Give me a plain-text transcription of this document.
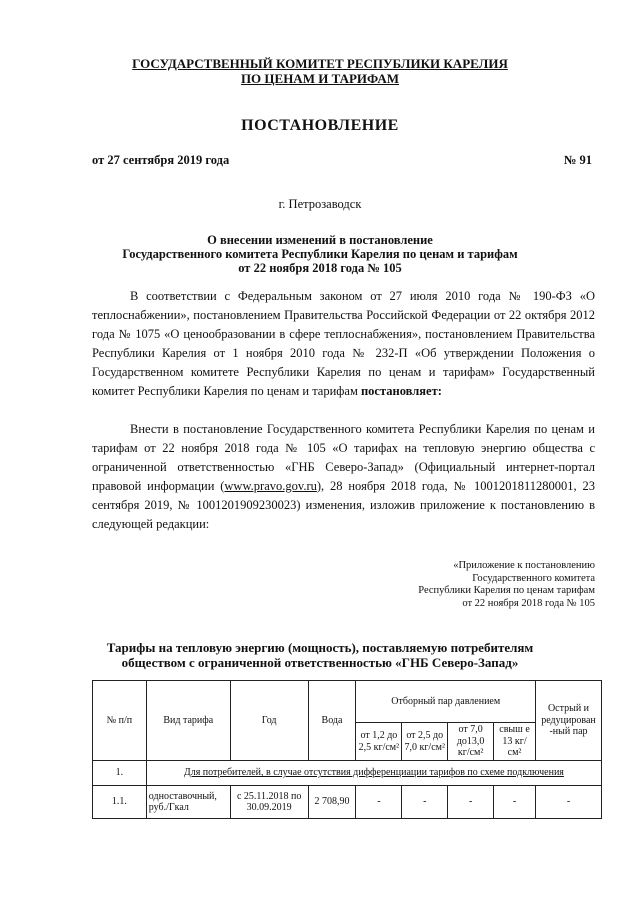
ГОСУДАРСТВЕННЫЙ КОМИТЕТ РЕСПУБЛИКИ КАРЕЛИЯ
ПО ЦЕНАМ И ТАРИФАМ
ПОСТАНОВЛЕНИЕ
от 27 сентября 2019 года	№ 91
г. Петрозаводск
О внесении изменений в постановление
Государственного комитета Республики Карелия по ценам и тарифам
от 22 ноября 2018 года № 105

В соответствии с Федеральным законом от 27 июля 2010 года № 190-ФЗ «О теплоснабжении», постановлением Правительства Российской Федерации от 22 октября 2012 года № 1075 «О ценообразовании в сфере теплоснабжения», постановлением Правительства Республики Карелия от 1 ноября 2010 года № 232-П «Об утверждении Положения о Государственном комитете Республики Карелия по ценам и тарифам» Государственный комитет Республики Карелия по ценам и тарифам постановляет:

Внести в постановление Государственного комитета Республики Карелия по ценам и тарифам от 22 ноября 2018 года № 105 «О тарифах на тепловую энергию общества с ограниченной ответственностью «ГНБ Северо-Запад» (Официальный интернет-портал правовой информации (www.pravo.gov.ru), 28 ноября 2018 года, № 1001201811280001, 23 сентября 2019, № 1001201909230023) изменения, изложив приложение к постановлению в следующей редакции:

«Приложение к постановлению
Государственного комитета
Республики Карелия по ценам тарифам
от 22 ноября 2018 года № 105
Тарифы на тепловую энергию (мощность), поставляемую потребителям
обществом с ограниченной ответственностью «ГНБ Северо-Запад»
№ п/п	Вид тарифа	Год	Вода	Отборный пар давлением				Острый и редуцирован -ный пар
				от 1,2 до 2,5 кг/см²	от 2,5 до 7,0 кг/см²	от 7,0 до13,0 кг/см²	свыш е 13 кг/см²	
1.	Для потребителей, в случае отсутствия дифференциации тарифов по схеме подключения							
1.1.	одноставочный, руб./Гкал	с 25.11.2018 по 30.09.2019	2 708,90	-	-	-	-	-
